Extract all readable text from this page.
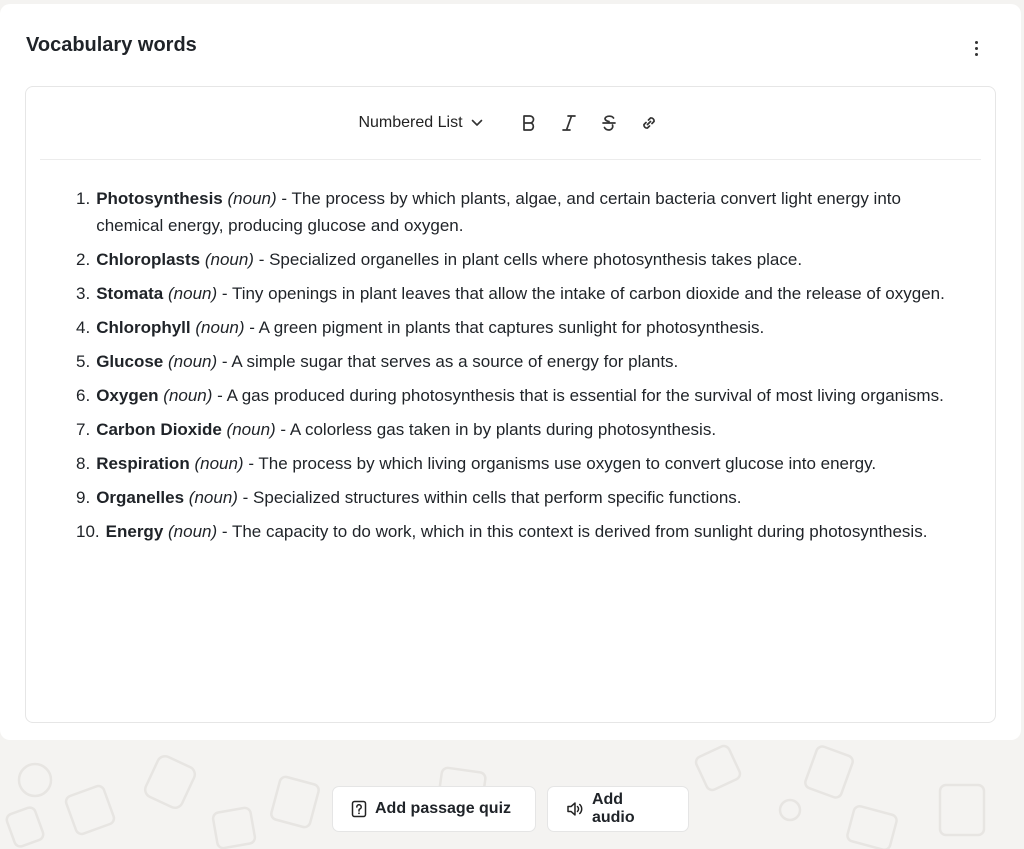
Vocabulary words
Numbered List
1. Photosynthesis (noun) - The process by which plants, algae, and certain bacteria convert light energy into chemical energy, producing glucose and oxygen.
2. Chloroplasts (noun) - Specialized organelles in plant cells where photosynthesis takes place.
3. Stomata (noun) - Tiny openings in plant leaves that allow the intake of carbon dioxide and the release of oxygen.
4. Chlorophyll (noun) - A green pigment in plants that captures sunlight for photosynthesis.
5. Glucose (noun) - A simple sugar that serves as a source of energy for plants.
6. Oxygen (noun) - A gas produced during photosynthesis that is essential for the survival of most living organisms.
7. Carbon Dioxide (noun) - A colorless gas taken in by plants during photosynthesis.
8. Respiration (noun) - The process by which living organisms use oxygen to convert glucose into energy.
9. Organelles (noun) - Specialized structures within cells that perform specific functions.
10. Energy (noun) - The capacity to do work, which in this context is derived from sunlight during photosynthesis.
Add passage quiz
Add audio
